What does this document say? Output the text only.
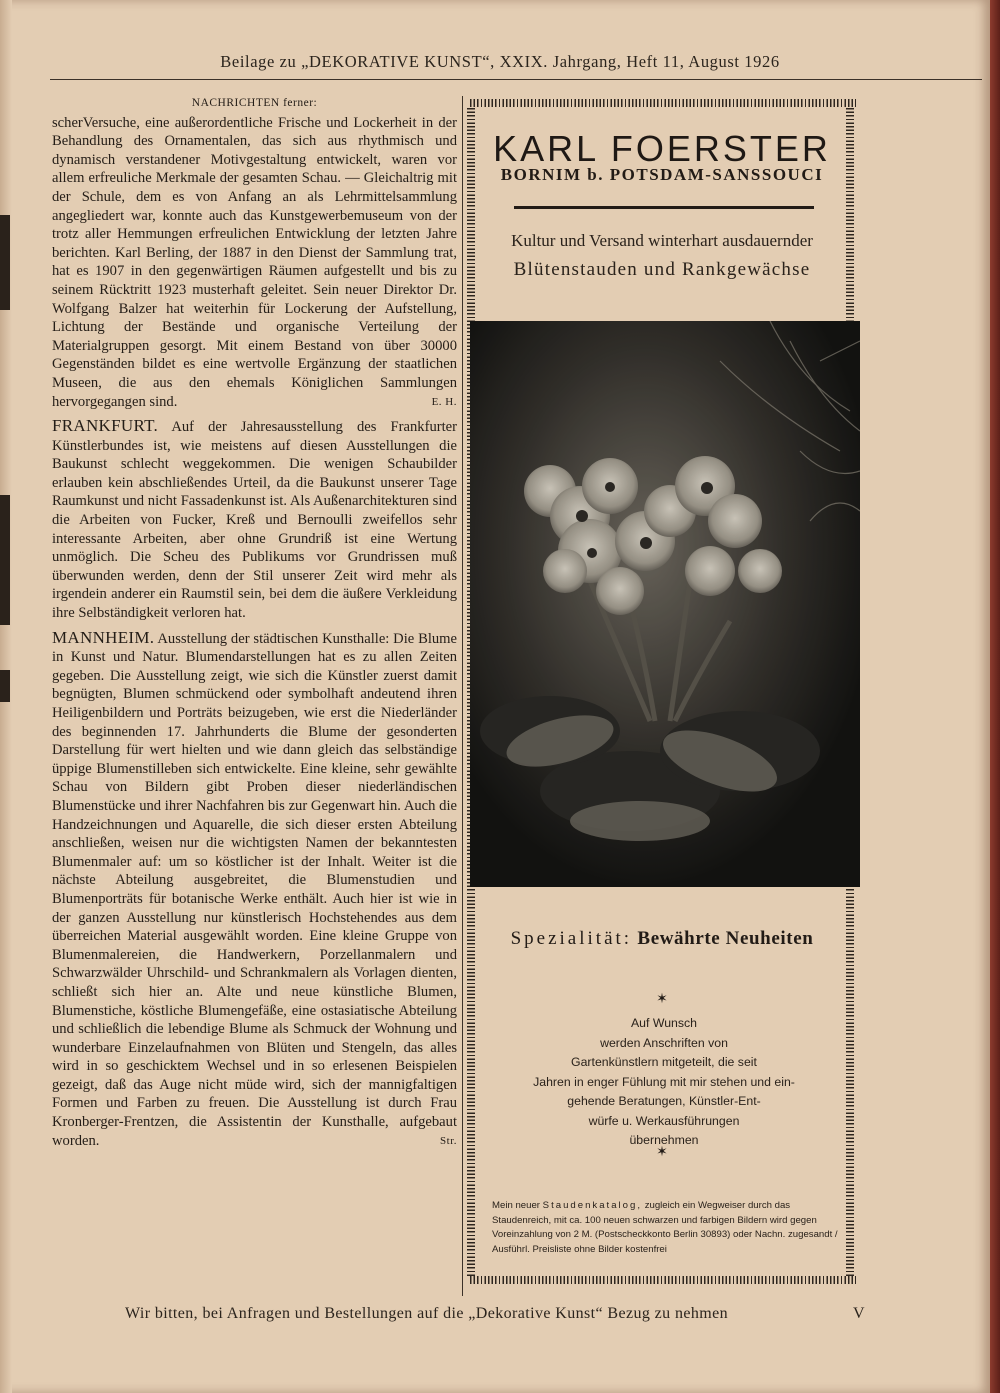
Beilage zu „DEKORATIVE KUNST“, XXIX. Jahrgang, Heft 11, August 1926
NACHRICHTEN ferner:

scherVersuche, eine außerordentliche Frische und Lockerheit in der Behandlung des Ornamentalen, das sich aus rhythmisch und dynamisch verstandener Motivgestaltung entwickelt, waren vor allem erfreuliche Merkmale der gesamten Schau. — Gleichaltrig mit der Schule, dem es von Anfang an als Lehrmittelsammlung angegliedert war, konnte auch das Kunstgewerbemuseum von der trotz aller Hemmungen erfreulichen Entwicklung der letzten Jahre berichten. Karl Berling, der 1887 in den Dienst der Sammlung trat, hat es 1907 in den gegenwärtigen Räumen aufgestellt und bis zu seinem Rücktritt 1923 musterhaft geleitet. Sein neuer Direktor Dr. Wolfgang Balzer hat weiterhin für Lockerung der Aufstellung, Lichtung der Bestände und organische Verteilung der Materialgruppen gesorgt. Mit einem Bestand von über 30000 Gegenständen bildet es eine wertvolle Ergänzung der staatlichen Museen, die aus den ehemals Königlichen Sammlungen hervorgegangen sind.	E. H.

FRANKFURT. Auf der Jahresausstellung des Frankfurter Künstlerbundes ist, wie meistens auf diesen Ausstellungen die Baukunst schlecht weggekommen. Die wenigen Schaubilder erlauben kein abschließendes Urteil, da die Baukunst unserer Tage Raumkunst und nicht Fassadenkunst ist. Als Außenarchitekturen sind die Arbeiten von Fucker, Kreß und Bernoulli zweifellos sehr interessante Arbeiten, aber ohne Grundriß ist eine Wertung unmöglich. Die Scheu des Publikums vor Grundrissen muß überwunden werden, denn der Stil unserer Zeit wird mehr als irgendein anderer ein Raumstil sein, bei dem die äußere Verkleidung ihre Selbständigkeit verloren hat.

MANNHEIM. Ausstellung der städtischen Kunsthalle: Die Blume in Kunst und Natur. Blumendarstellungen hat es zu allen Zeiten gegeben. Die Ausstellung zeigt, wie sich die Künstler zuerst damit begnügten, Blumen schmückend oder symbolhaft andeutend ihren Heiligenbildern und Porträts beizugeben, wie erst die Niederländer des beginnenden 17. Jahrhunderts die Blume der gesonderten Darstellung für wert hielten und wie dann gleich das selbständige üppige Blumenstilleben sich entwickelte. Eine kleine, sehr gewählte Schau von Bildern gibt Proben dieser niederländischen Blumenstücke und ihrer Nachfahren bis zur Gegenwart hin. Auch die Handzeichnungen und Aquarelle, die sich dieser ersten Abteilung anschließen, weisen nur die wichtigsten Namen der bekanntesten Blumenmaler auf: um so köstlicher ist der Inhalt. Weiter ist die nächste Abteilung ausgebreitet, die Blumenstudien und Blumenporträts für botanische Werke enthält. Auch hier ist wie in der ganzen Ausstellung nur künstlerisch Hochstehendes aus dem überreichen Material ausgewählt worden. Eine kleine Gruppe von Blumenmalereien, die Handwerkern, Porzellanmalern und Schwarzwälder Uhrschild- und Schrankmalern als Vorlagen dienten, schließt sich hier an. Alte und neue künstliche Blumen, Blumenstiche, köstliche Blumengefäße, eine ostasiatische Abteilung und schließlich die lebendige Blume als Schmuck der Wohnung und wunderbare Einzelaufnahmen von Blüten und Stengeln, das alles wird in so geschicktem Wechsel und in so erlesenen Beispielen gezeigt, daß das Auge nicht müde wird, sich der mannigfaltigen Formen und Farben zu freuen. Die Ausstellung ist durch Frau Kronberger-Frentzen, die Assistentin der Kunsthalle, aufgebaut worden.	Str.

KARL FOERSTER
BORNIM b. POTSDAM-SANSSOUCI
Kultur und Versand winterhart ausdauernder
Blütenstauden und Rankgewächse
Spezialität: Bewährte Neuheiten
✶
Auf Wunsch
werden Anschriften von
Gartenkünstlern mitgeteilt, die seit
Jahren in enger Fühlung mit mir stehen und ein-
gehende Beratungen, Künstler-Ent-
würfe u. Werkausführungen
übernehmen
✶
Mein neuer Staudenkatalog, zugleich ein Wegweiser durch das Staudenreich, mit ca. 100 neuen schwarzen und farbigen Bildern wird gegen Voreinzahlung von 2 M. (Postscheckkonto Berlin 30893) oder Nachn. zugesandt / Ausführl. Preisliste ohne Bilder kostenfrei
Wir bitten, bei Anfragen und Bestellungen auf die „Dekorative Kunst“ Bezug zu nehmen	V
